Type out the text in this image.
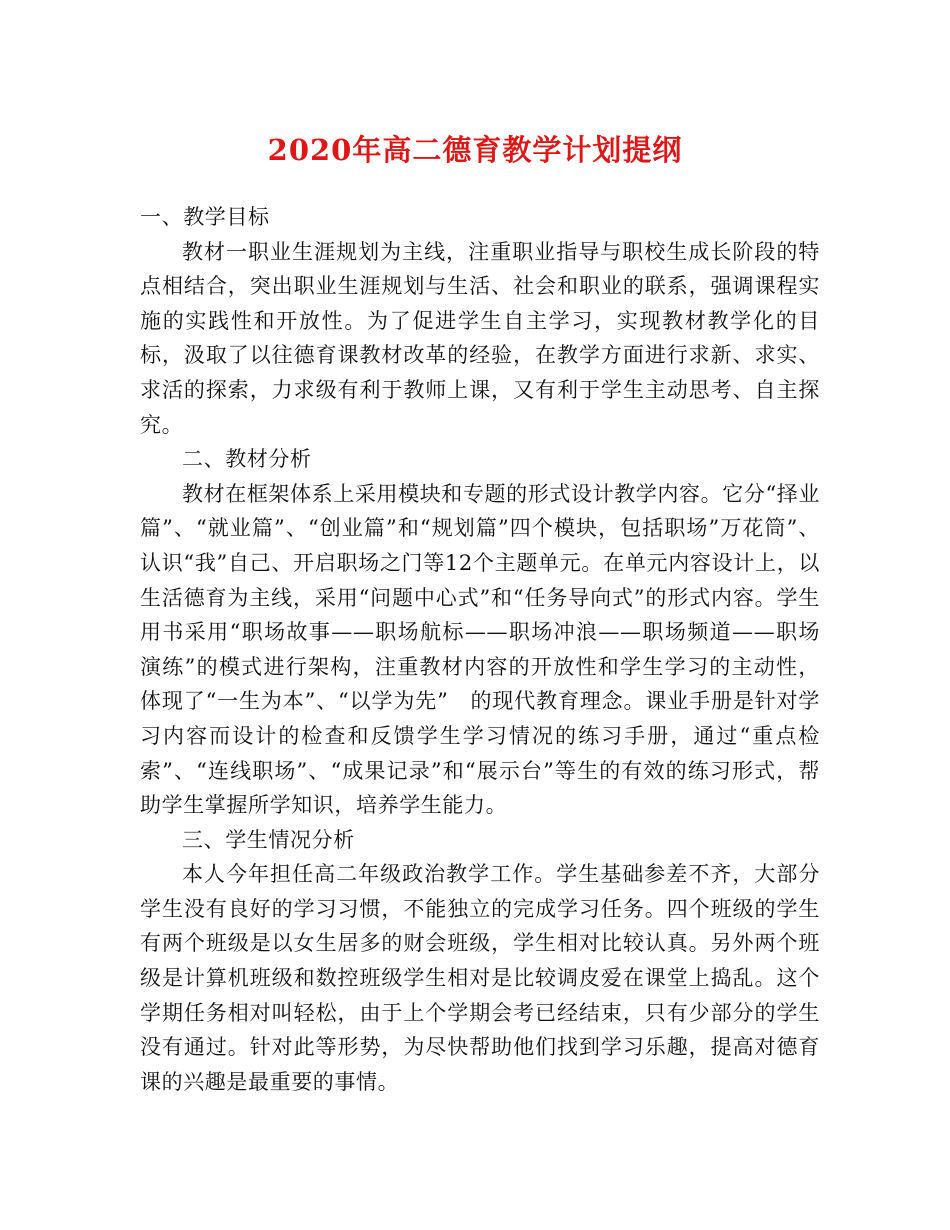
2020年高二德育教学计划提纲

一、教学目标

教材一职业生涯规划为主线，注重职业指导与职校生成长阶段的特点相结合，突出职业生涯规划与生活、社会和职业的联系，强调课程实施的实践性和开放性。为了促进学生自主学习，实现教材教学化的目标，汲取了以往德育课教材改革的经验，在教学方面进行求新、求实、求活的探索，力求级有利于教师上课，又有利于学生主动思考、自主探究。

二、教材分析

教材在框架体系上采用模块和专题的形式设计教学内容。它分“择业篇”、“就业篇”、“创业篇”和“规划篇”四个模块，包括职场”万花筒”、认识“我”自己、开启职场之门等12个主题单元。在单元内容设计上，以生活德育为主线，采用“问题中心式”和“任务导向式”的形式内容。学生用书采用“职场故事——职场航标——职场冲浪——职场频道——职场演练”的模式进行架构，注重教材内容的开放性和学生学习的主动性，体现了“一生为本”、“以学为先”　的现代教育理念。课业手册是针对学习内容而设计的检查和反馈学生学习情况的练习手册，通过“重点检索”、“连线职场”、“成果记录”和“展示台”等生的有效的练习形式，帮助学生掌握所学知识，培养学生能力。

三、学生情况分析

本人今年担任高二年级政治教学工作。学生基础参差不齐，大部分学生没有良好的学习习惯，不能独立的完成学习任务。四个班级的学生有两个班级是以女生居多的财会班级，学生相对比较认真。另外两个班级是计算机班级和数控班级学生相对是比较调皮爱在课堂上捣乱。这个学期任务相对叫轻松，由于上个学期会考已经结束，只有少部分的学生没有通过。针对此等形势，为尽快帮助他们找到学习乐趣，提高对德育课的兴趣是最重要的事情。
